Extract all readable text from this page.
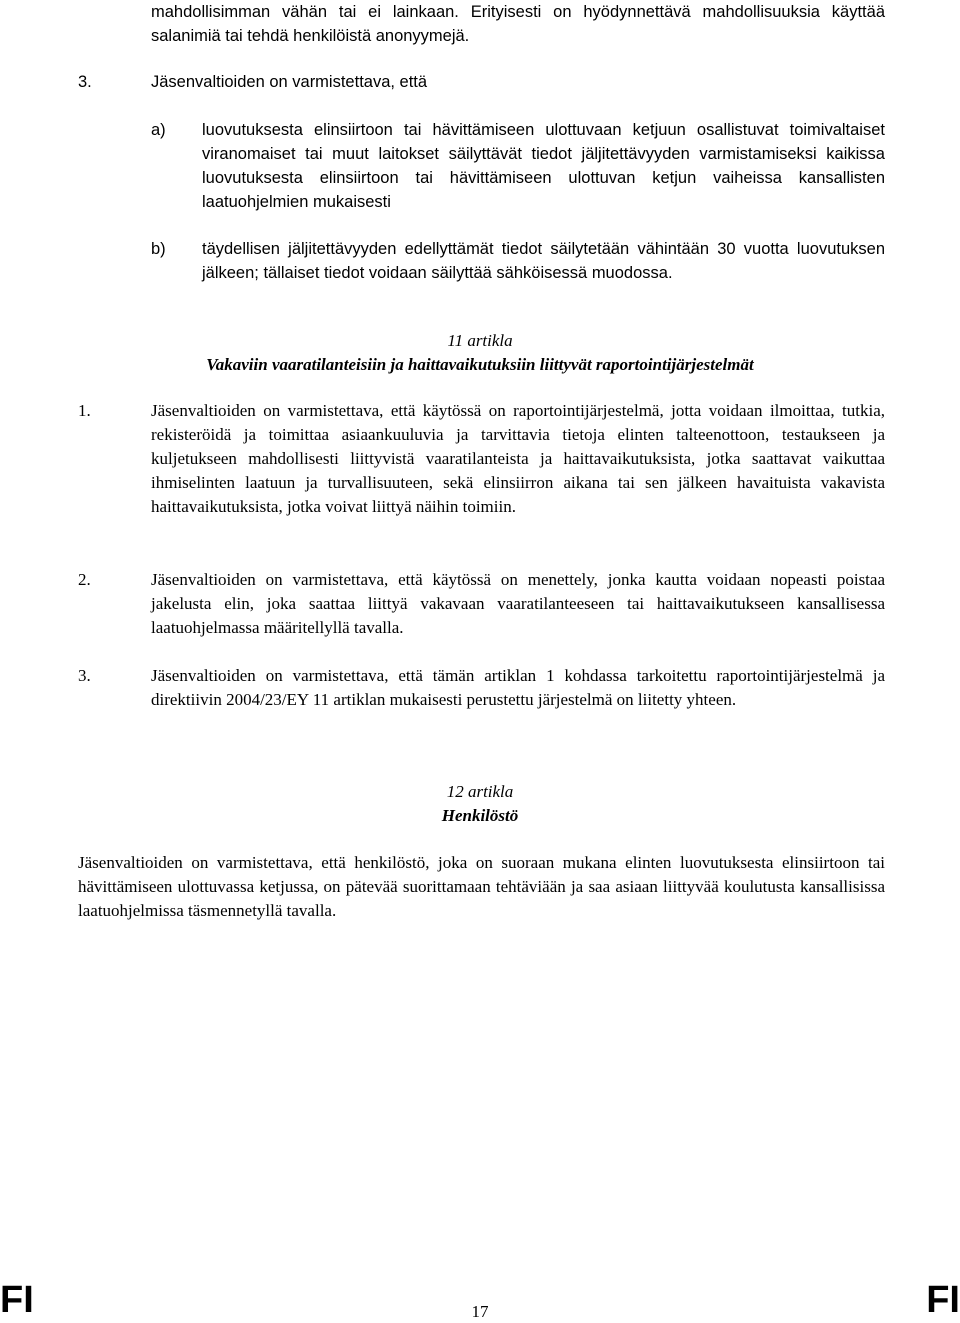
mahdollisimman vähän tai ei lainkaan. Erityisesti on hyödynnettävä mahdollisuuksia käyttää salanimiä tai tehdä henkilöistä anonyymejä.
3.	Jäsenvaltioiden on varmistettava, että
a) luovutuksesta elinsiirtoon tai hävittämiseen ulottuvaan ketjuun osallistuvat toimivaltaiset viranomaiset tai muut laitokset säilyttävät tiedot jäljitettävyyden varmistamiseksi kaikissa luovutuksesta elinsiirtoon tai hävittämiseen ulottuvan ketjun vaiheissa kansallisten laatuohjelmien mukaisesti
b) täydellisen jäljitettävyyden edellyttämät tiedot säilytetään vähintään 30 vuotta luovutuksen jälkeen; tällaiset tiedot voidaan säilyttää sähköisessä muodossa.
11 artikla
Vakaviin vaaratilanteisiin ja haittavaikutuksiin liittyvät raportointijärjestelmät
1.	Jäsenvaltioiden on varmistettava, että käytössä on raportointijärjestelmä, jotta voidaan ilmoittaa, tutkia, rekisteröidä ja toimittaa asiaankuuluvia ja tarvittavia tietoja elinten talteenottoon, testaukseen ja kuljetukseen mahdollisesti liittyvistä vaaratilanteista ja haittavaikutuksista, jotka saattavat vaikuttaa ihmiselinten laatuun ja turvallisuuteen, sekä elinsiirron aikana tai sen jälkeen havaituista vakavista haittavaikutuksista, jotka voivat liittyä näihin toimiin.
2.	Jäsenvaltioiden on varmistettava, että käytössä on menettely, jonka kautta voidaan nopeasti poistaa jakelusta elin, joka saattaa liittyä vakavaan vaaratilanteeseen tai haittavaikutukseen kansallisessa laatuohjelmassa määritellyllä tavalla.
3.	Jäsenvaltioiden on varmistettava, että tämän artiklan 1 kohdassa tarkoitettu raportointijärjestelmä ja direktiivin 2004/23/EY 11 artiklan mukaisesti perustettu järjestelmä on liitetty yhteen.
12 artikla
Henkilöstö
Jäsenvaltioiden on varmistettava, että henkilöstö, joka on suoraan mukana elinten luovutuksesta elinsiirtoon tai hävittämiseen ulottuvassa ketjussa, on pätevää suorittamaan tehtäviään ja saa asiaan liittyvää koulutusta kansallisissa laatuohjelmissa täsmennetyllä tavalla.
FI	17	FI
